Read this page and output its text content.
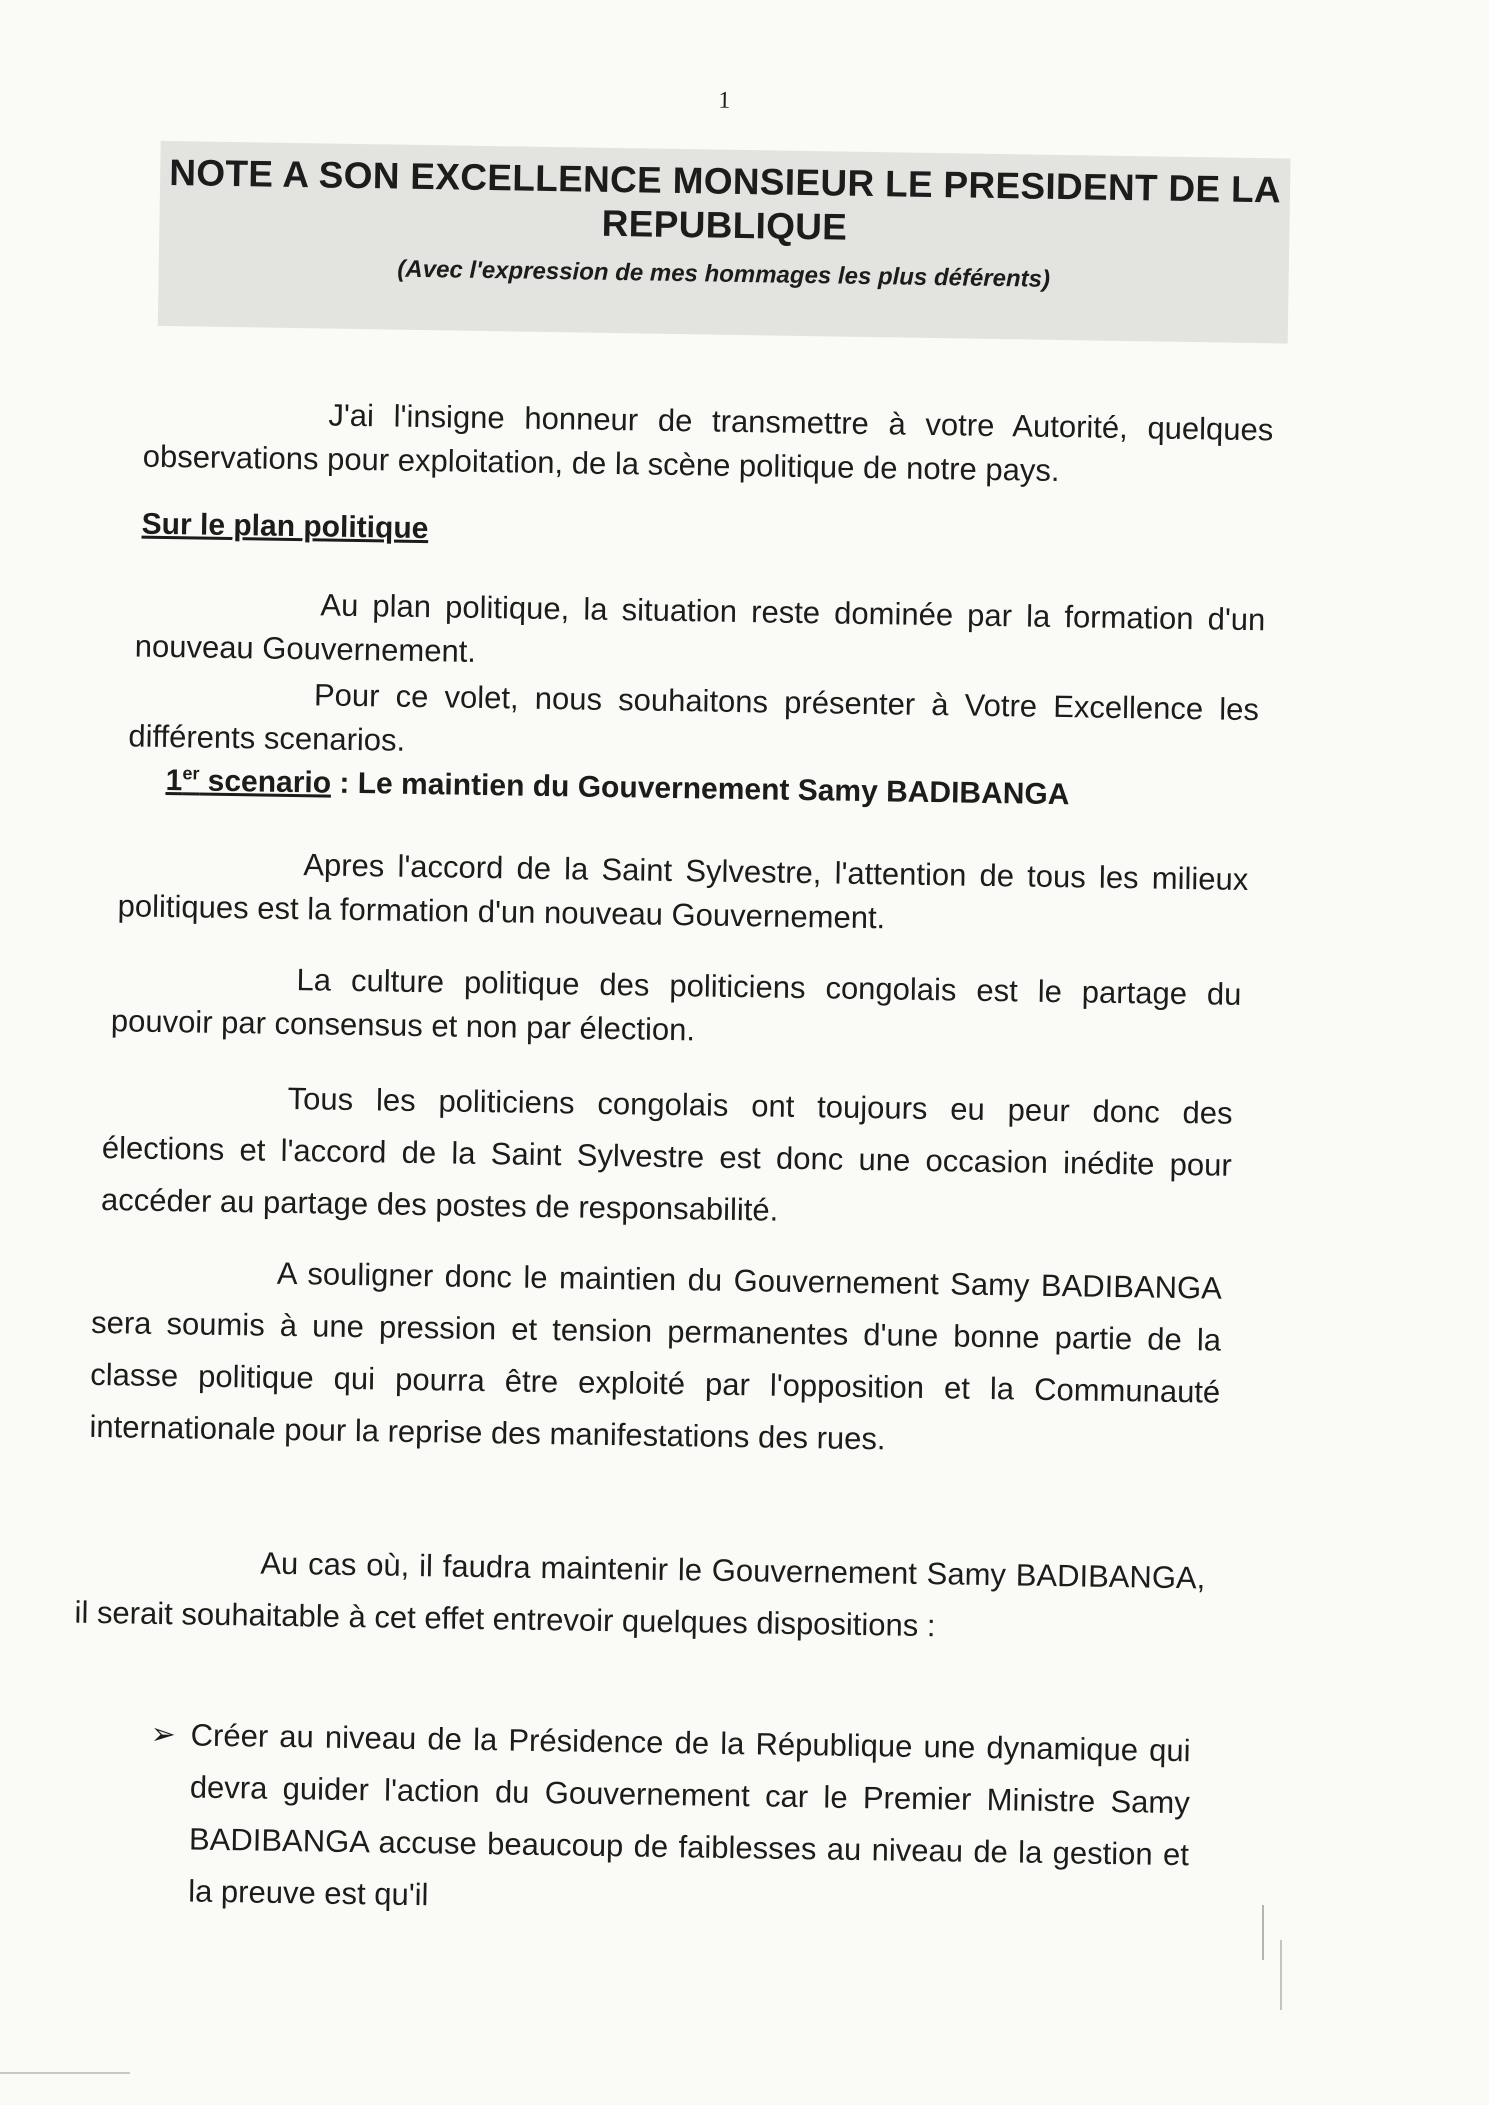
1
NOTE A SON EXCELLENCE MONSIEUR LE PRESIDENT DE LA
REPUBLIQUE
(Avec l'expression de mes hommages les plus déférents)
J'ai l'insigne honneur de transmettre à votre Autorité, quelques observations pour exploitation, de la scène politique de notre pays.
Sur le plan politique
Au plan politique, la situation reste dominée par la formation d'un nouveau Gouvernement.
Pour ce volet, nous souhaitons présenter à Votre Excellence les différents scenarios.
1er scenario : Le maintien du Gouvernement Samy BADIBANGA
Apres l'accord de la Saint Sylvestre, l'attention de tous les milieux politiques est la formation d'un nouveau Gouvernement.
La culture politique des politiciens congolais est le partage du pouvoir par consensus et non par élection.
Tous les politiciens congolais ont toujours eu peur donc des élections et l'accord de la Saint Sylvestre est donc une occasion inédite pour accéder au partage des postes de responsabilité.
A souligner donc le maintien du Gouvernement Samy BADIBANGA sera soumis à une pression et tension permanentes d'une bonne partie de la classe politique qui pourra être exploité par l'opposition et la Communauté internationale pour la reprise des manifestations des rues.
Au cas où, il faudra maintenir le Gouvernement Samy BADIBANGA, il serait souhaitable à cet effet entrevoir quelques dispositions :
➢ Créer au niveau de la Présidence de la République une dynamique qui devra guider l'action du Gouvernement car le Premier Ministre Samy BADIBANGA accuse beaucoup de faiblesses au niveau de la gestion et la preuve est qu'il
